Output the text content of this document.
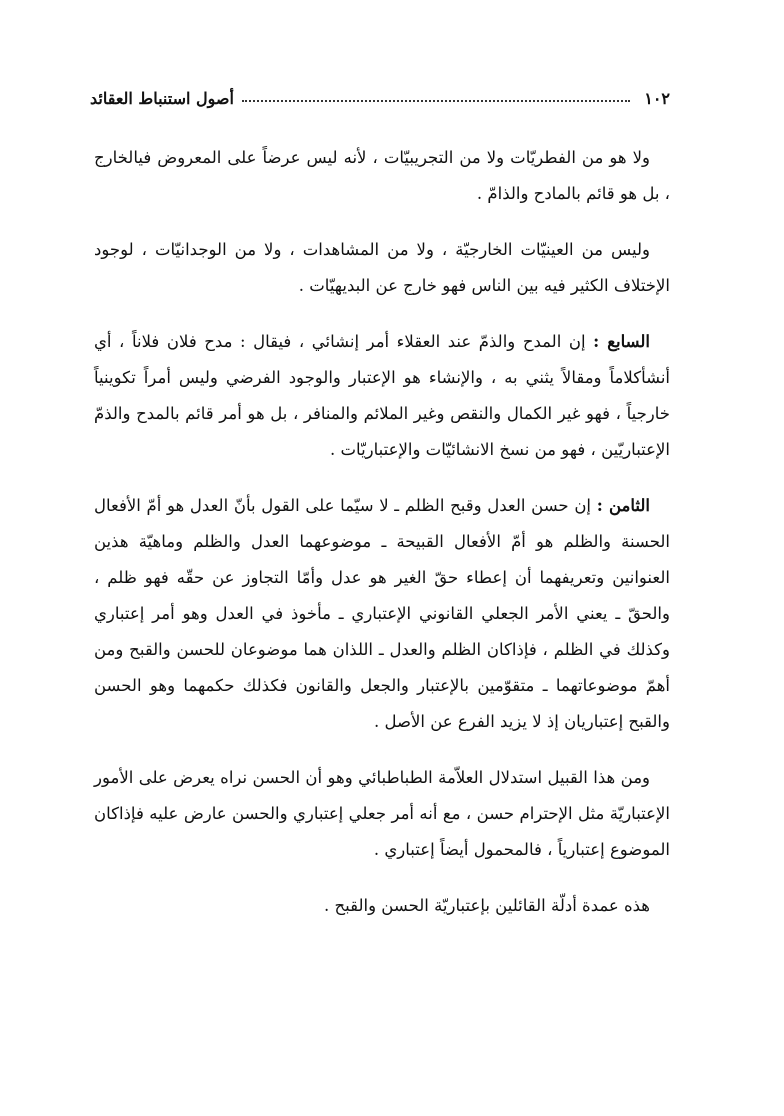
١٠٢
أصول استنباط العقائد

ولا هو من الفطريّات ولا من التجريبيّات ، لأنه ليس عرضاً على المعروض فيالخارج ، بل هو قائم بالمادح والذامّ .

وليس من العينيّات الخارجيّة ، ولا من المشاهدات ، ولا من الوجدانيّات ، لوجود الإختلاف الكثير فيه بين الناس فهو خارج عن البديهيّات .

السابع : إن المدح والذمّ عند العقلاء أمر إنشائي ، فيقال : مدح فلان فلاناً ، أي أنشأكلاماً ومقالاً يثني به ، والإنشاء هو الإعتبار والوجود الفرضي وليس أمراً تكوينياً خارجياً ، فهو غير الكمال والنقص وغير الملائم والمنافر ، بل هو أمر قائم بالمدح والذمّ الإعتباريّين ، فهو من نسخ الانشائيّات والإعتباريّات .

الثامن : إن حسن العدل وقبح الظلم ـ لا سيّما على القول بأنّ العدل هو أمّ الأفعال الحسنة والظلم هو أمّ الأفعال القبيحة ـ موضوعهما العدل والظلم وماهيّة هذين العنوانين وتعريفهما أن إعطاء حقّ الغير هو عدل وأمّا التجاوز عن حقّه فهو ظلم ، والحقّ ـ يعني الأمر الجعلي القانوني الإعتباري ـ مأخوذ في العدل وهو أمر إعتباري وكذلك في الظلم ، فإذاكان الظلم والعدل ـ اللذان هما موضوعان للحسن والقبح ومن أهمّ موضوعاتهما ـ متقوّمين بالإعتبار والجعل والقانون فكذلك حكمهما وهو الحسن والقبح إعتباريان إذ لا يزيد الفرع عن الأصل .

ومن هذا القبيل استدلال العلاّمة الطباطبائي وهو أن الحسن نراه يعرض على الأمور الإعتباريّة مثل الإحترام حسن ، مع أنه أمر جعلي إعتباري والحسن عارض عليه فإذاكان الموضوع إعتبارياً ، فالمحمول أيضاً إعتباري .

هذه عمدة أدلّة القائلين بإعتباريّة الحسن والقبح .
